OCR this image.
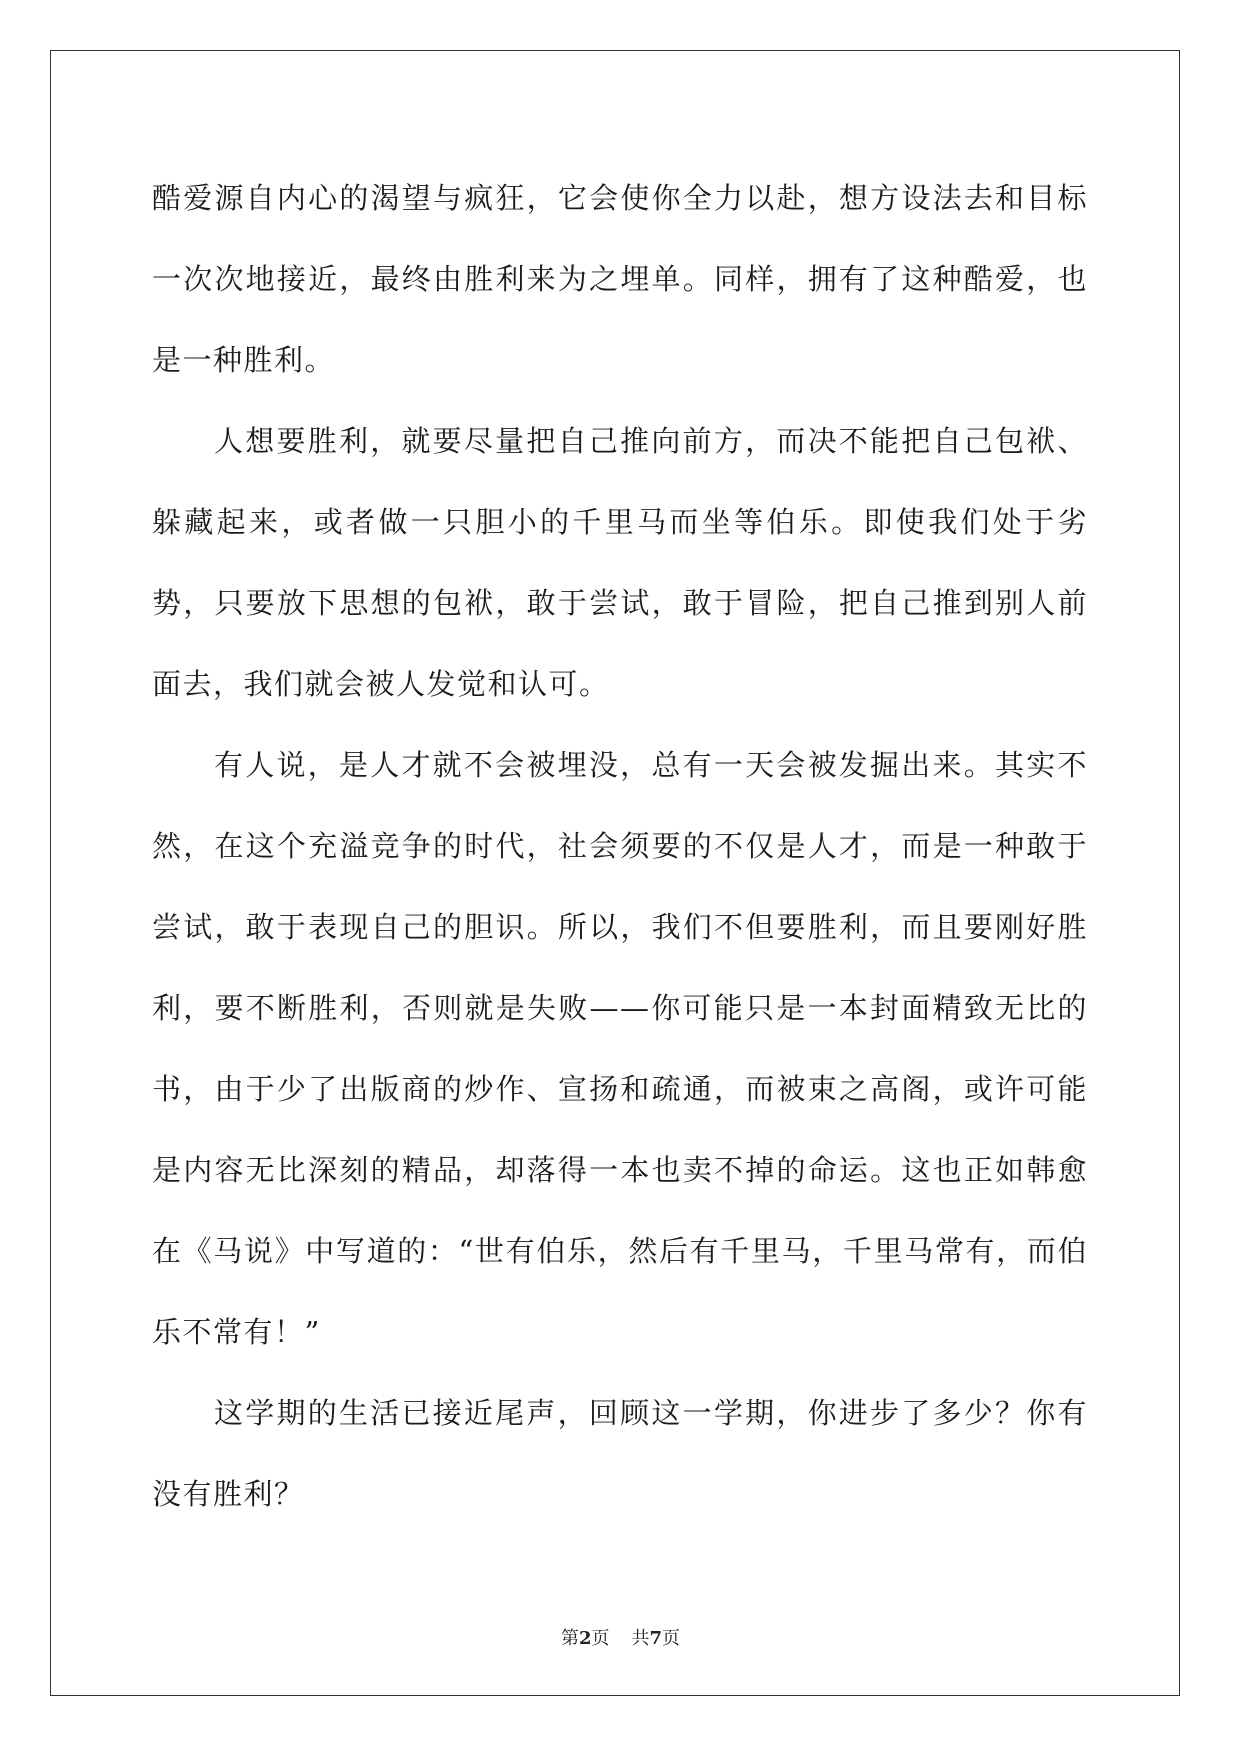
酷爱源自内心的渴望与疯狂，它会使你全力以赴，想方设法去和目标一次次地接近，最终由胜利来为之埋单。同样，拥有了这种酷爱，也是一种胜利。

人想要胜利，就要尽量把自己推向前方，而决不能把自己包袱、躲藏起来，或者做一只胆小的千里马而坐等伯乐。即使我们处于劣势，只要放下思想的包袱，敢于尝试，敢于冒险，把自己推到别人前面去，我们就会被人发觉和认可。

有人说，是人才就不会被埋没，总有一天会被发掘出来。其实不然，在这个充溢竞争的时代，社会须要的不仅是人才，而是一种敢于尝试，敢于表现自己的胆识。所以，我们不但要胜利，而且要刚好胜利，要不断胜利，否则就是失败——你可能只是一本封面精致无比的书，由于少了出版商的炒作、宣扬和疏通，而被束之高阁，或许可能是内容无比深刻的精品，却落得一本也卖不掉的命运。这也正如韩愈在《马说》中写道的：“世有伯乐，然后有千里马，千里马常有，而伯乐不常有！”

这学期的生活已接近尾声，回顾这一学期，你进步了多少？你有没有胜利？

第2页 共7页
